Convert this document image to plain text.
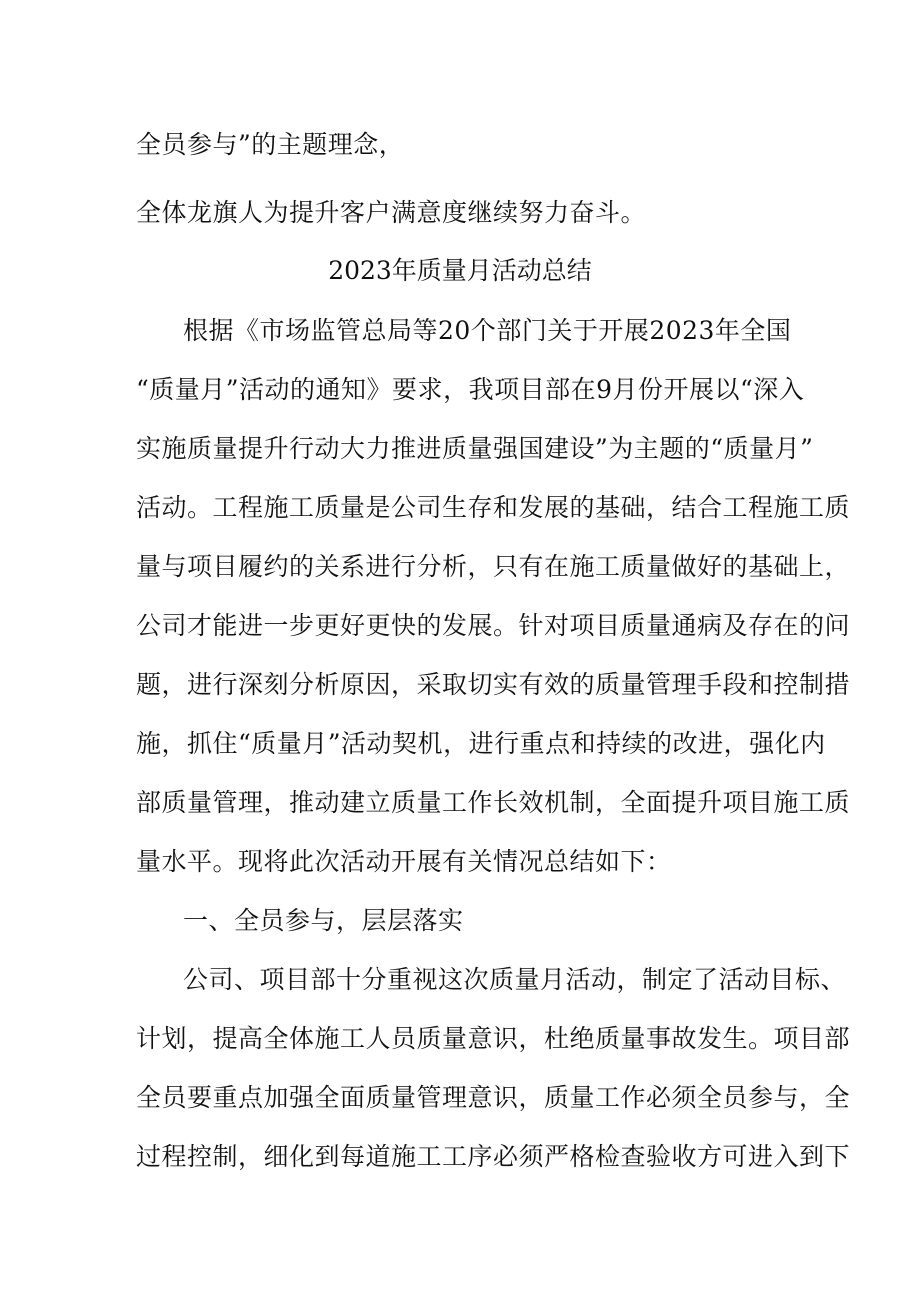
全员参与”的主题理念，
全体龙旗人为提升客户满意度继续努力奋斗。
2023年质量月活动总结
根据《市场监管总局等20个部门关于开展2023年全国
“质量月”活动的通知》要求，我项目部在9月份开展以“深入
实施质量提升行动大力推进质量强国建设”为主题的“质量月”
活动。工程施工质量是公司生存和发展的基础，结合工程施工质
量与项目履约的关系进行分析，只有在施工质量做好的基础上，
公司才能进一步更好更快的发展。针对项目质量通病及存在的问
题，进行深刻分析原因，采取切实有效的质量管理手段和控制措
施，抓住“质量月”活动契机，进行重点和持续的改进，强化内
部质量管理，推动建立质量工作长效机制，全面提升项目施工质
量水平。现将此次活动开展有关情况总结如下：
一、全员参与，层层落实
公司、项目部十分重视这次质量月活动，制定了活动目标、
计划，提高全体施工人员质量意识，杜绝质量事故发生。项目部
全员要重点加强全面质量管理意识，质量工作必须全员参与，全
过程控制，细化到每道施工工序必须严格检查验收方可进入到下
